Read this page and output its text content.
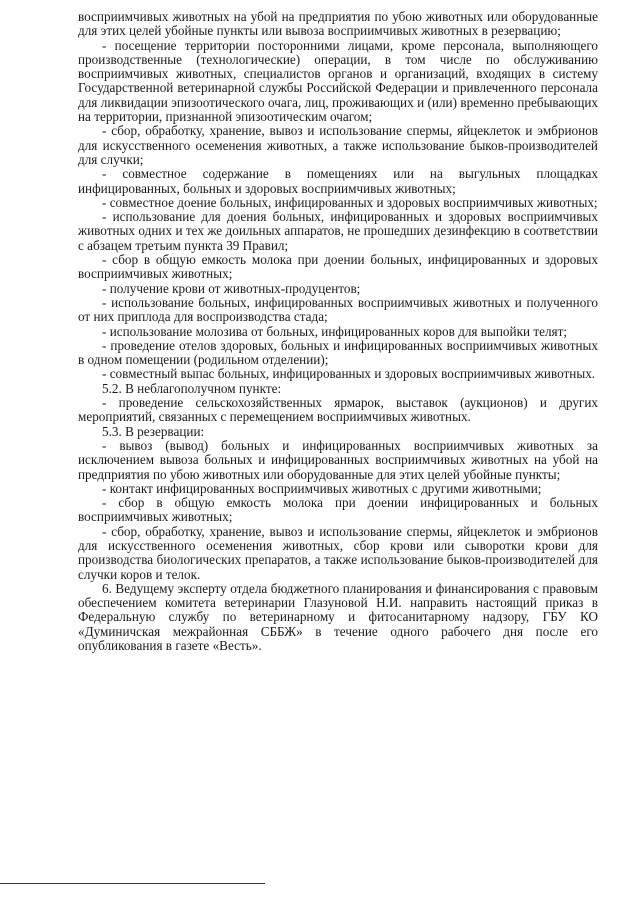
восприимчивых животных на убой на предприятия по убою животных или оборудованные для этих целей убойные пункты или вывоза восприимчивых животных в резервацию;

- посещение территории посторонними лицами, кроме персонала, выполняющего производственные (технологические) операции, в том числе по обслуживанию восприимчивых животных, специалистов органов и организаций, входящих в систему Государственной ветеринарной службы Российской Федерации и привлеченного персонала для ликвидации эпизоотического очага, лиц, проживающих и (или) временно пребывающих на территории, признанной эпизоотическим очагом;

- сбор, обработку, хранение, вывоз и использование спермы, яйцеклеток и эмбрионов для искусственного осеменения животных, а также использование быков-производителей для случки;

- совместное содержание в помещениях или на выгульных площадках инфицированных, больных и здоровых восприимчивых животных;

- совместное доение больных, инфицированных и здоровых восприимчивых животных;

- использование для доения больных, инфицированных и здоровых восприимчивых животных одних и тех же доильных аппаратов, не прошедших дезинфекцию в соответствии с абзацем третьим пункта 39 Правил;

- сбор в общую емкость молока при доении больных, инфицированных и здоровых восприимчивых животных;

- получение крови от животных-продуцентов;

- использование больных, инфицированных восприимчивых животных и полученного от них приплода для воспроизводства стада;

- использование молозива от больных, инфицированных коров для выпойки телят;

- проведение отелов здоровых, больных и инфицированных восприимчивых животных в одном помещении (родильном отделении);

- совместный выпас больных, инфицированных и здоровых восприимчивых животных.

5.2. В неблагополучном пункте:

- проведение сельскохозяйственных ярмарок, выставок (аукционов) и других мероприятий, связанных с перемещением восприимчивых животных.

5.3. В резервации:

- вывоз (вывод) больных и инфицированных восприимчивых животных за исключением вывоза больных и инфицированных восприимчивых животных на убой на предприятия по убою животных или оборудованные для этих целей убойные пункты;

- контакт инфицированных восприимчивых животных с другими животными;

- сбор в общую емкость молока при доении инфицированных и больных восприимчивых животных;

- сбор, обработку, хранение, вывоз и использование спермы, яйцеклеток и эмбрионов для искусственного осеменения животных, сбор крови или сыворотки крови для производства биологических препаратов, а также использование быков-производителей для случки коров и телок.

6. Ведущему эксперту отдела бюджетного планирования и финансирования с правовым обеспечением комитета ветеринарии Глазуновой Н.И. направить настоящий приказ в Федеральную службу по ветеринарному и фитосанитарному надзору, ГБУ КО «Думиничская межрайонная СББЖ» в течение одного рабочего дня после его опубликования в газете «Весть».
